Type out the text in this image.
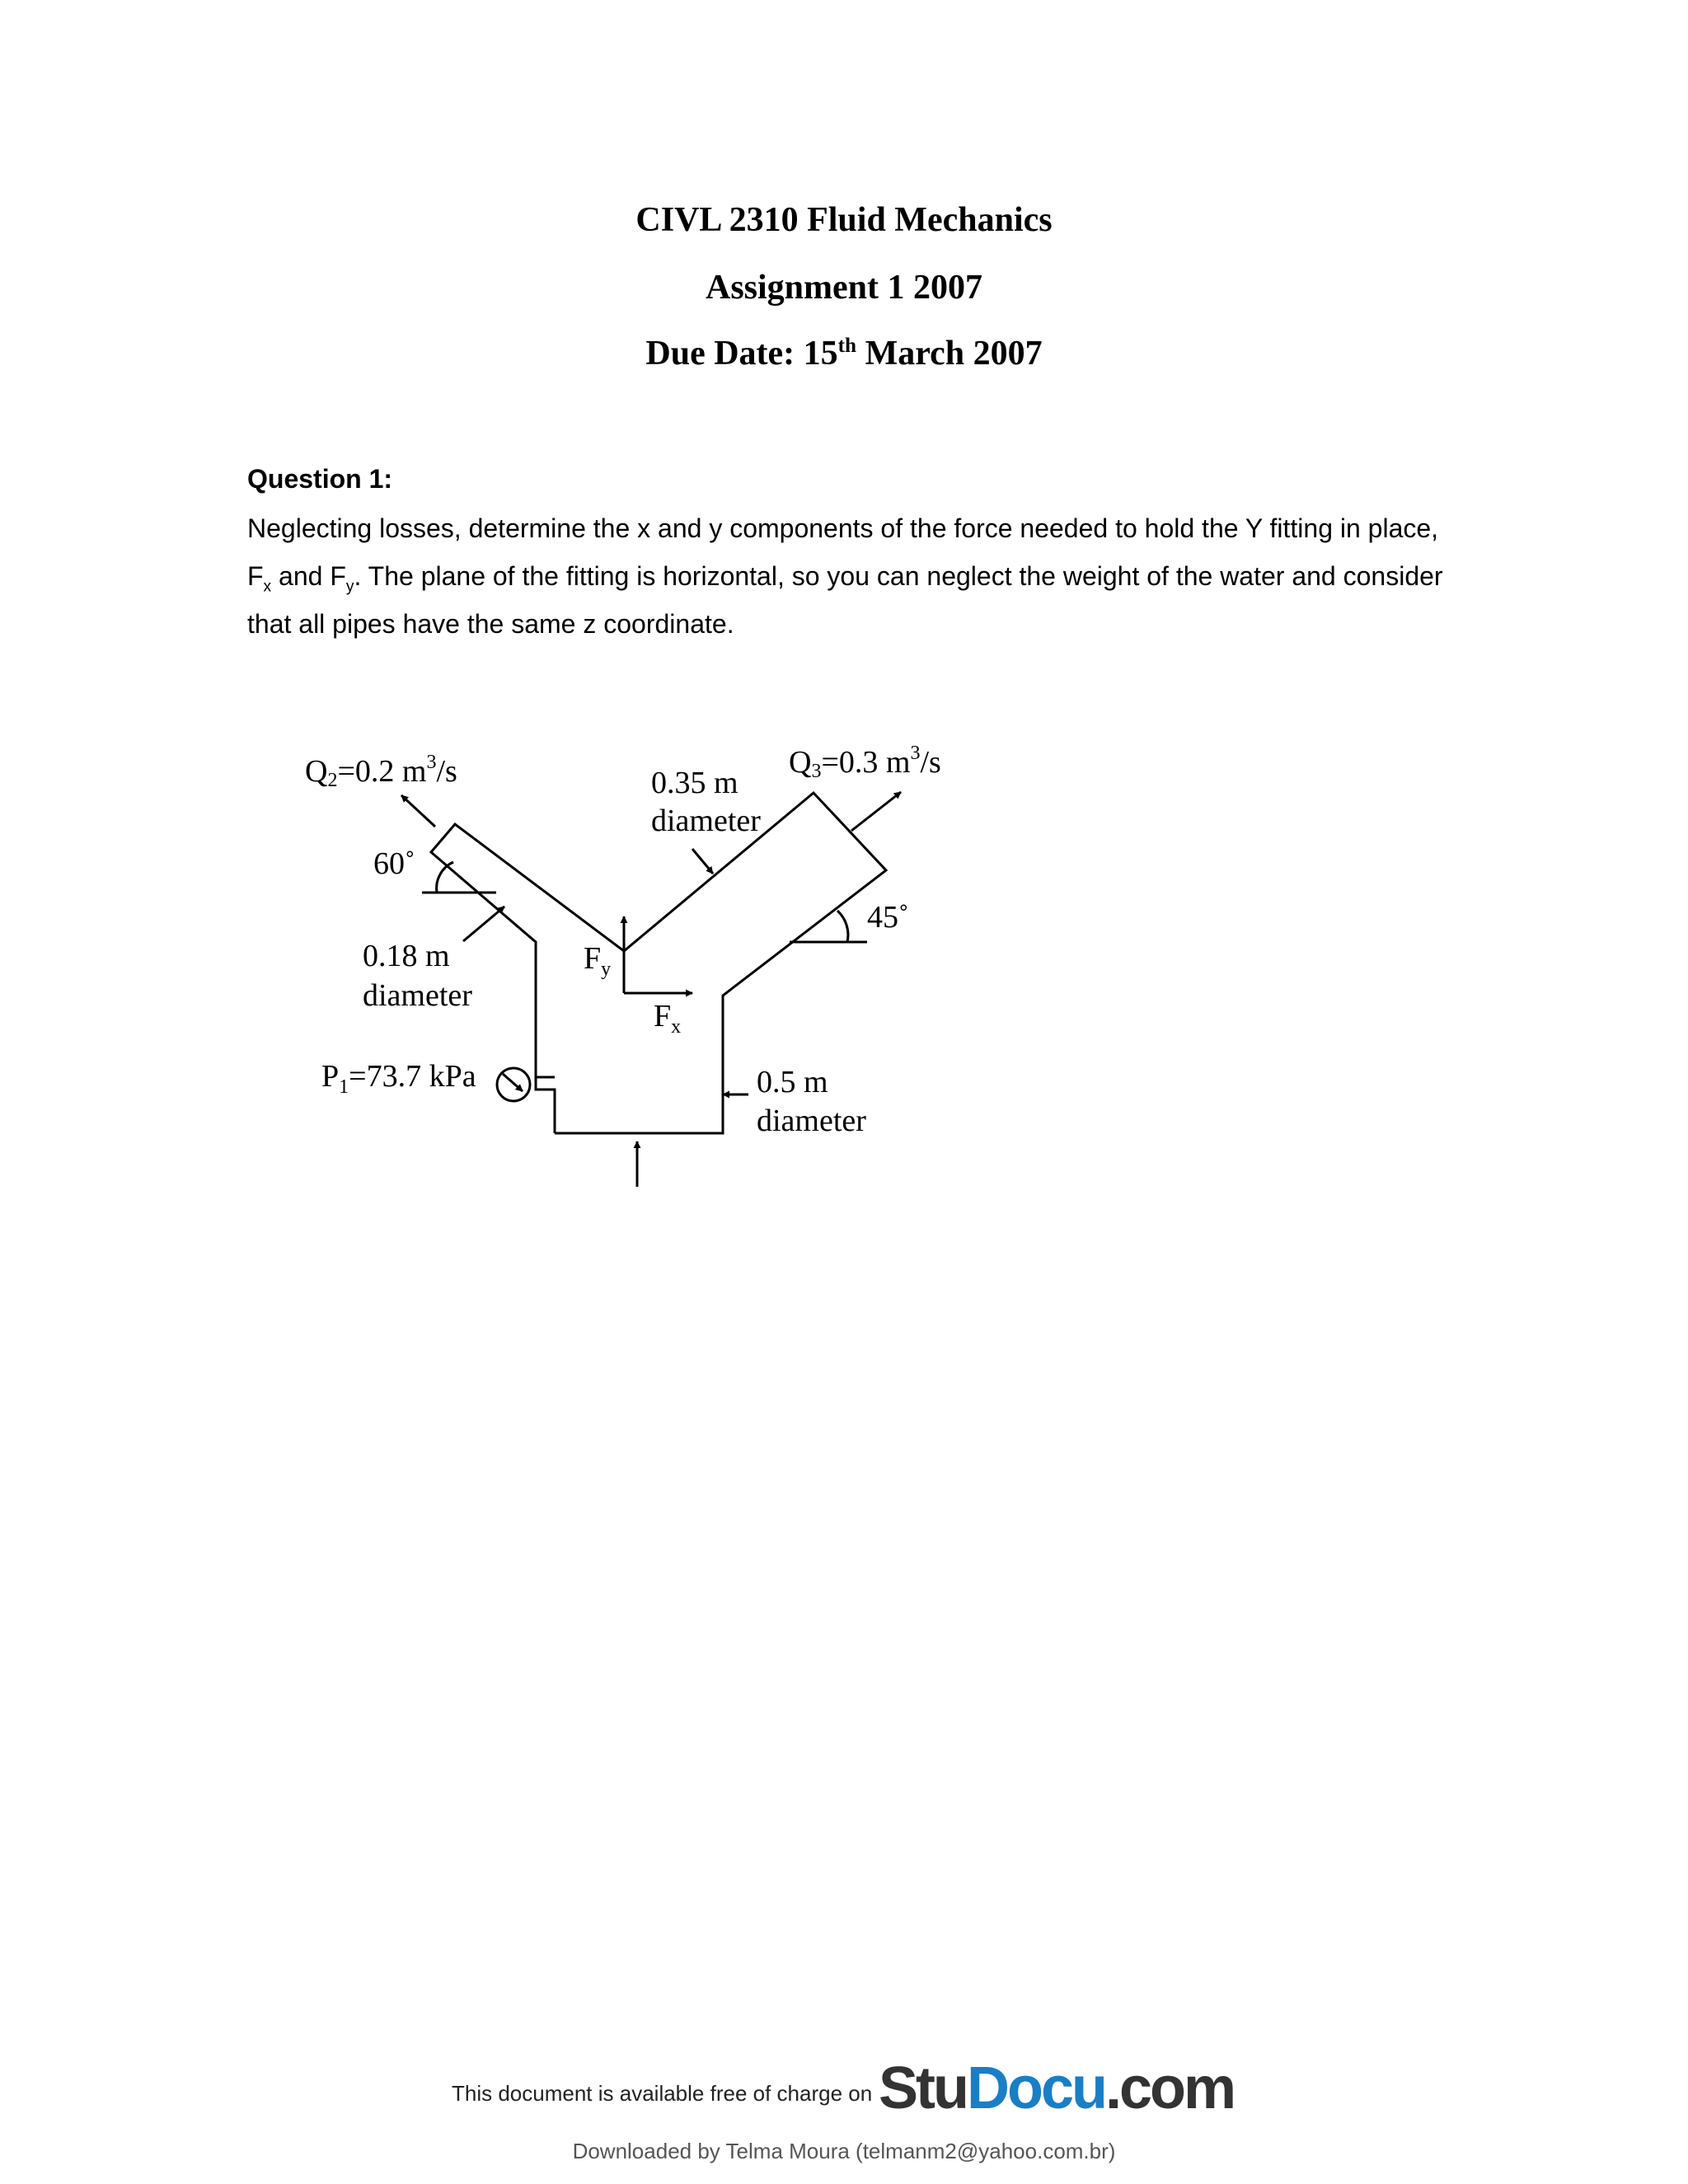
CIVL 2310 Fluid Mechanics
Assignment 1 2007
Due Date: 15th March 2007
Question 1:
Neglecting losses, determine the x and y components of the force needed to hold the Y fitting in place, $F_x$ and $F_y$. The plane of the fitting is horizontal, so you can neglect the weight of the water and consider that all pipes have the same z coordinate.
Q2=0.2 $m^3/s$	Q3=0.3 $m^3/s$
0.35 m
diameter
60˚
45˚
0.18 m
diameter
$F_y$
$F_x$
$P_1=73.7$ kPa	0.5 m
diameter
This document is available free of charge on StuDocu.com
Downloaded by Telma Moura (telmanm2@yahoo.com.br)
